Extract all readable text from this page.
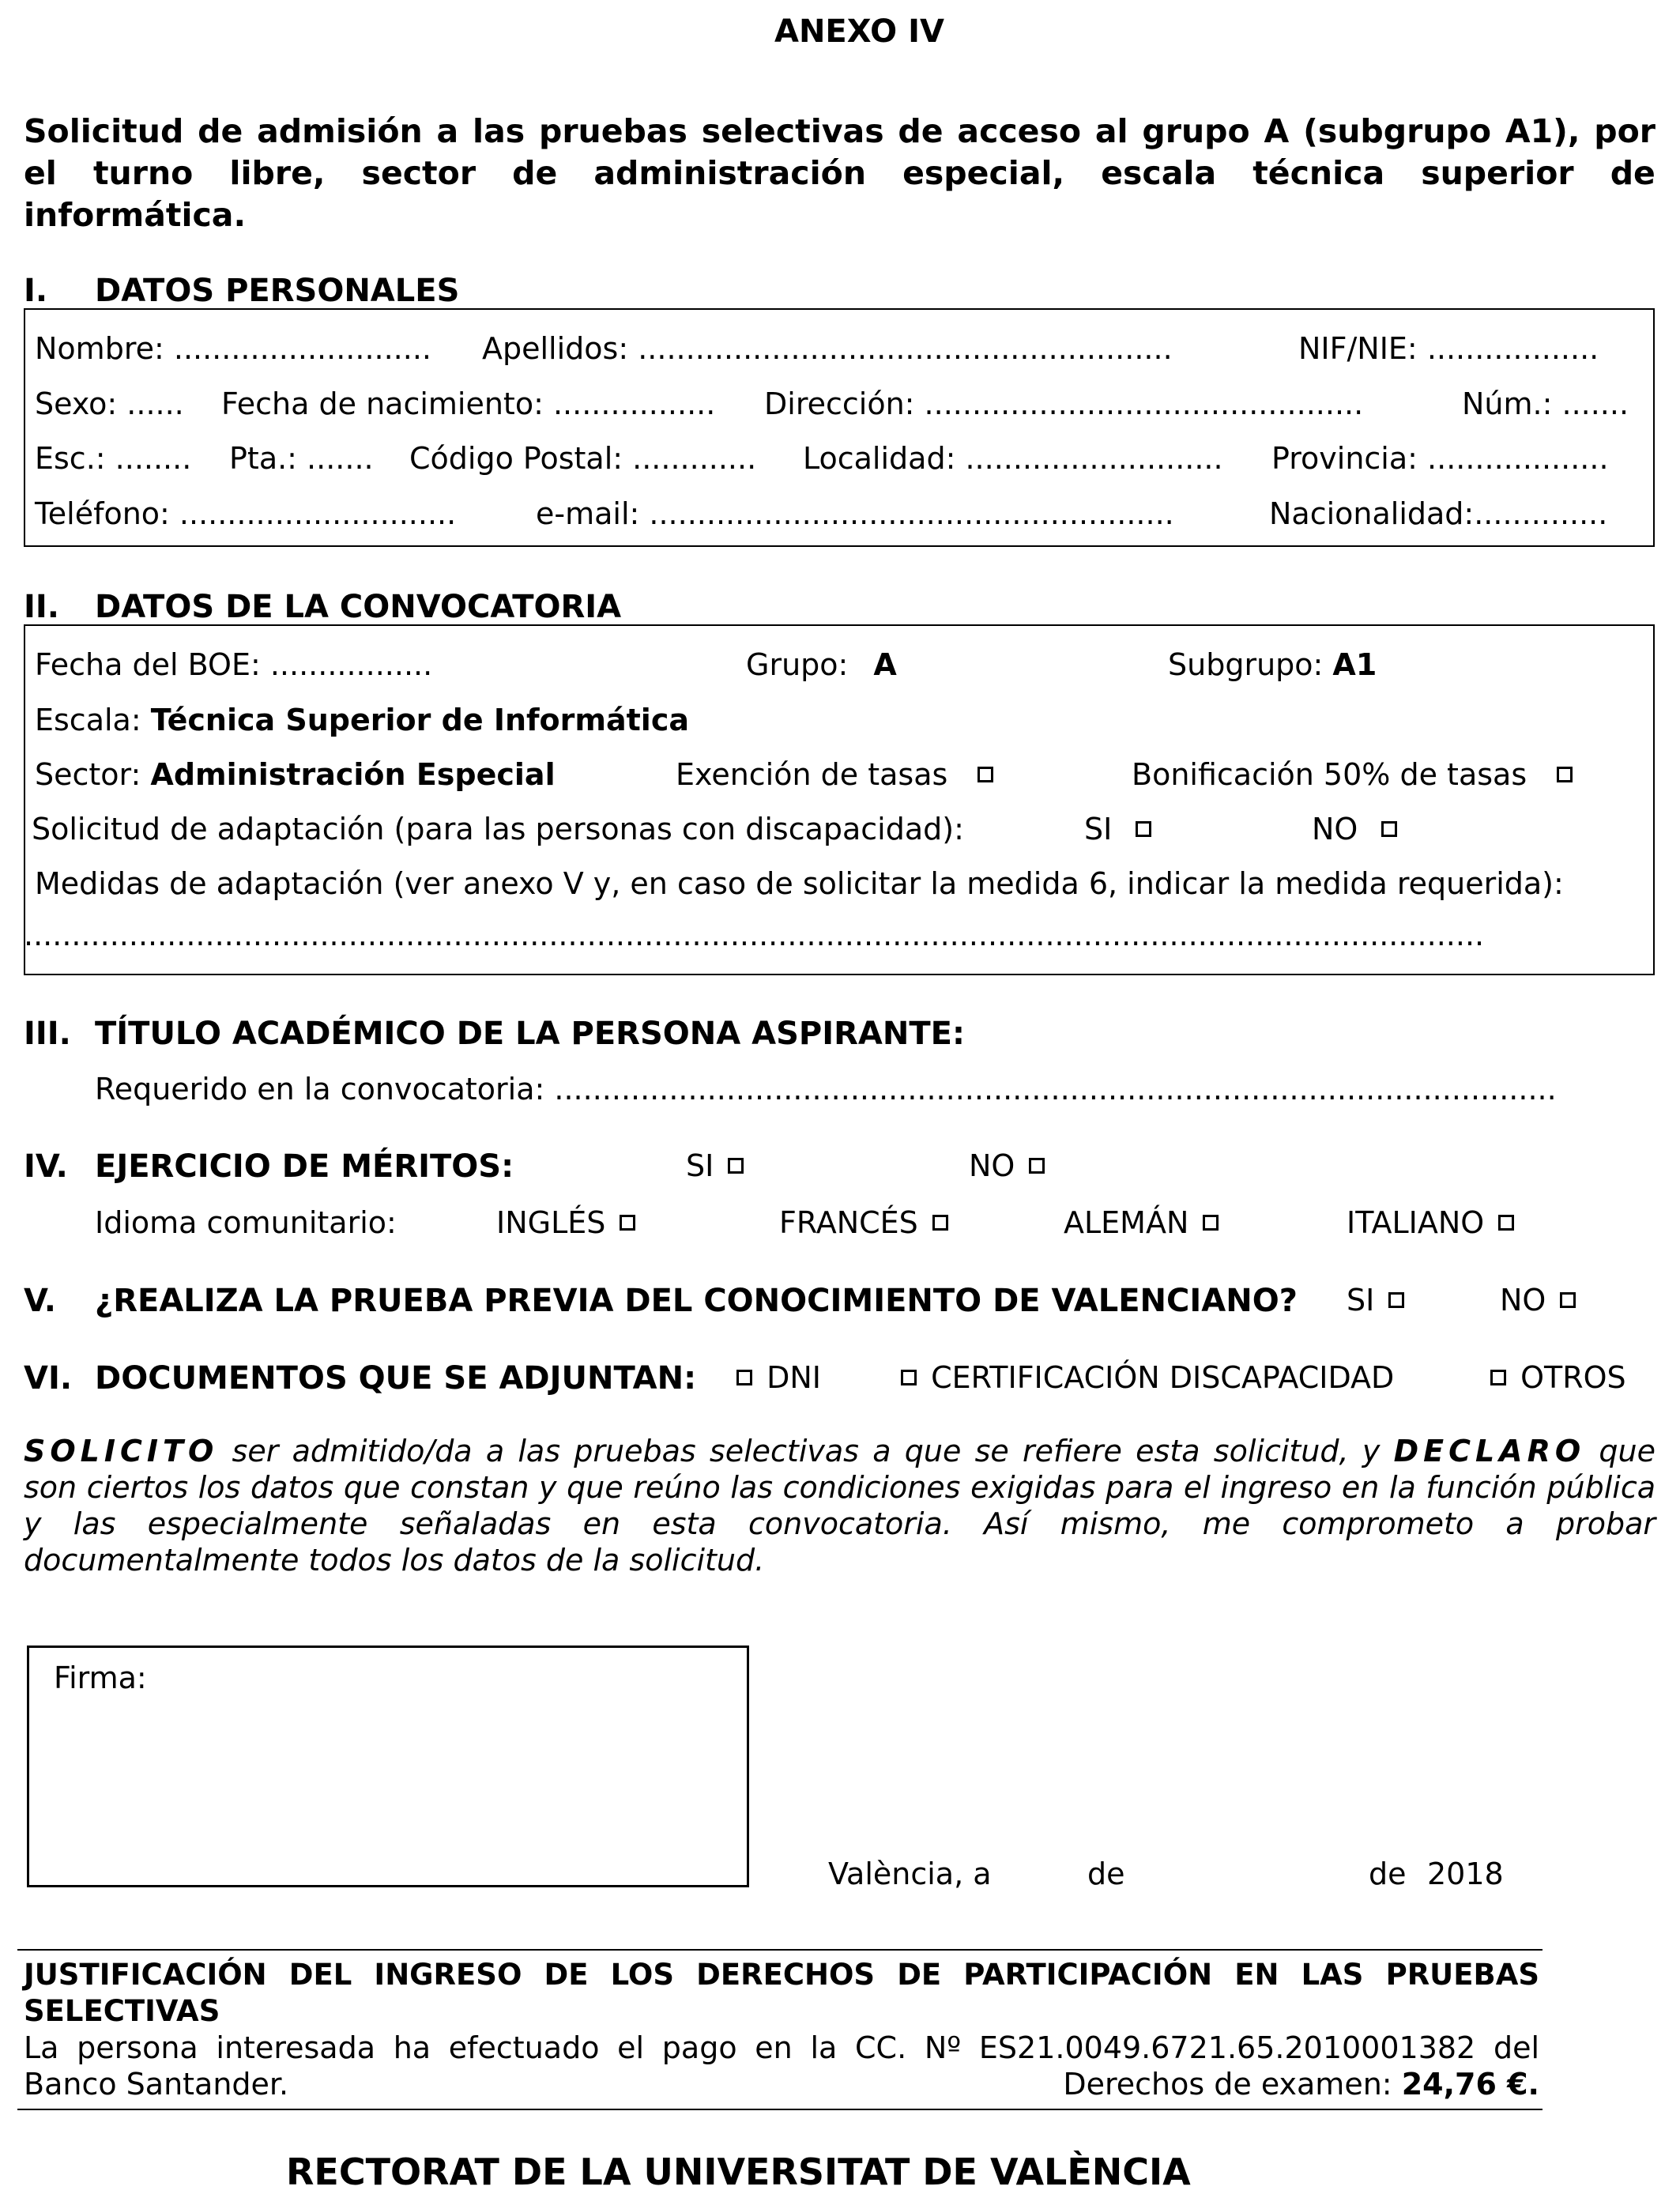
ANEXO IV
Solicitud de admisión a las pruebas selectivas de acceso al grupo A (subgrupo A1), por
el turno libre, sector de administración especial, escala técnica superior de
informática.
I. DATOS PERSONALES
Nombre: ........................... Apellidos: ........................................................	NIF/NIE: ..................
Sexo: ...... Fecha de nacimiento: ................. Dirección: ..............................................	Núm.: .......
Esc.: ........ Pta.: ....... Código Postal: ............. Localidad: ........................... Provincia: ...................
Teléfono: .............................	e-mail: .......................................................	Nacionalidad:..............
II. DATOS DE LA CONVOCATORIA
Fecha del BOE: .................	Grupo: A	Subgrupo: A1
Escala: Técnica Superior de Informática
Sector: Administración Especial	Exención de tasas	Bonificación 50% de tasas
Solicitud de adaptación (para las personas con discapacidad):	SI	NO
Medidas de adaptación (ver anexo V y, en caso de solicitar la medida 6, indicar la medida requerida):
.........................................................................................................................................................
III. TÍTULO ACADÉMICO DE LA PERSONA ASPIRANTE:
Requerido en la convocatoria: .........................................................................................................
IV. EJERCICIO DE MÉRITOS:	SI	NO
Idioma comunitario:	INGLÉS	FRANCÉS	ALEMÁN	ITALIANO
V. ¿REALIZA LA PRUEBA PREVIA DEL CONOCIMIENTO DE VALENCIANO? SI	NO
VI. DOCUMENTOS QUE SE ADJUNTAN:	DNI	CERTIFICACIÓN DISCAPACIDAD	OTROS
SOLICITO ser admitido/da a las pruebas selectivas a que se refiere esta solicitud, y DECLARO que
son ciertos los datos que constan y que reúno las condiciones exigidas para el ingreso en la función pública
y las especialmente señaladas en esta convocatoria. Así mismo, me comprometo a probar
documentalmente todos los datos de la solicitud.
Firma:
València, a	de	de 2018
JUSTIFICACIÓN DEL INGRESO DE LOS DERECHOS DE PARTICIPACIÓN EN LAS PRUEBAS
SELECTIVAS
La persona interesada ha efectuado el pago en la CC. Nº ES21.0049.6721.65.2010001382 del
Banco Santander.	Derechos de examen: 24,76 €.
RECTORAT DE LA UNIVERSITAT DE VALÈNCIA
